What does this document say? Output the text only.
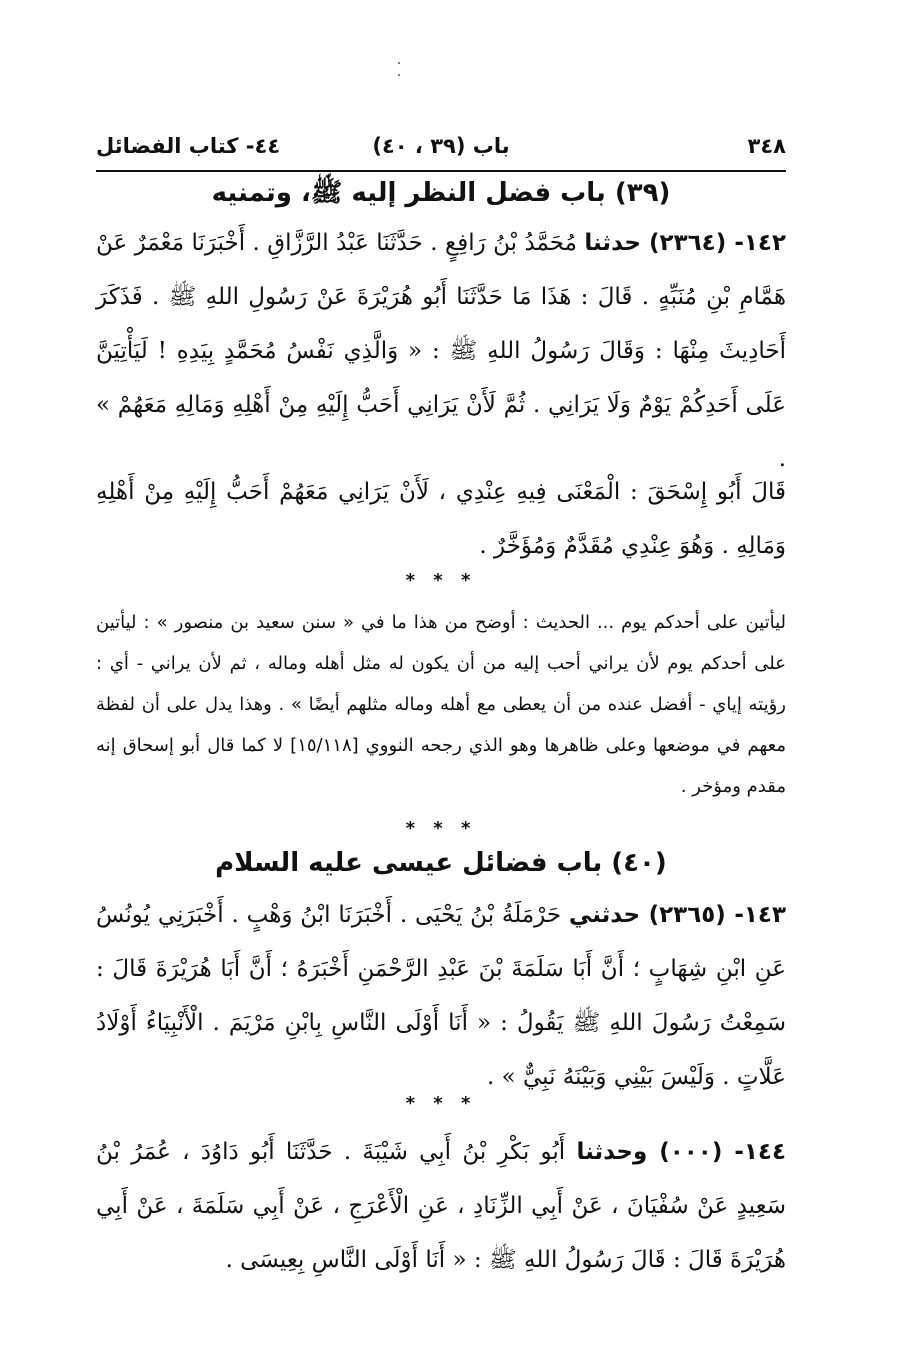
٣٤٨
باب (٣٩ ، ٤٠)
٤٤- كتاب الفضائل
(٣٩) باب فضل النظر إليه ﷺ، وتمنيه
١٤٢- (٢٣٦٤) حدثنا مُحَمَّدُ بْنُ رَافِعٍ . حَدَّثَنَا عَبْدُ الرَّزَّاقِ . أَخْبَرَنَا مَعْمَرٌ عَنْ هَمَّامِ بْنِ مُنَبِّهٍ . قَالَ : هَذَا مَا حَدَّثَنَا أَبُو هُرَيْرَةَ عَنْ رَسُولِ اللهِ ﷺ . فَذَكَرَ أَحَادِيثَ مِنْهَا : وَقَالَ رَسُولُ اللهِ ﷺ : « وَالَّذِي نَفْسُ مُحَمَّدٍ بِيَدِهِ ! لَيَأْتِيَنَّ عَلَى أَحَدِكُمْ يَوْمٌ وَلَا يَرَانِي . ثُمَّ لَأَنْ يَرَانِي أَحَبُّ إِلَيْهِ مِنْ أَهْلِهِ وَمَالِهِ مَعَهُمْ » .
قَالَ أَبُو إِسْحَقَ : الْمَعْنَى فِيهِ عِنْدِي ، لَأَنْ يَرَانِي مَعَهُمْ أَحَبُّ إِلَيْهِ مِنْ أَهْلِهِ وَمَالِهِ . وَهُوَ عِنْدِي مُقَدَّمٌ وَمُؤَخَّرٌ .
* * *
ليأتين على أحدكم يوم ... الحديث : أوضح من هذا ما في « سنن سعيد بن منصور » : ليأتين على أحدكم يوم لأن يراني أحب إليه من أن يكون له مثل أهله وماله ، ثم لأن يراني - أي : رؤيته إياي - أفضل عنده من أن يعطى مع أهله وماله مثلهم أيضًا » . وهذا يدل على أن لفظة معهم في موضعها وعلى ظاهرها وهو الذي رجحه النووي [١٥/١١٨] لا كما قال أبو إسحاق إنه مقدم ومؤخر .
* * *
(٤٠) باب فضائل عيسى عليه السلام
١٤٣- (٢٣٦٥) حدثني حَرْمَلَةُ بْنُ يَحْيَى . أَخْبَرَنَا ابْنُ وَهْبٍ . أَخْبَرَنِي يُونُسُ عَنِ ابْنِ شِهَابٍ ؛ أَنَّ أَبَا سَلَمَةَ بْنَ عَبْدِ الرَّحْمَنِ أَخْبَرَهُ ؛ أَنَّ أَبَا هُرَيْرَةَ قَالَ : سَمِعْتُ رَسُولَ اللهِ ﷺ يَقُولُ : « أَنَا أَوْلَى النَّاسِ بِابْنِ مَرْيَمَ . الْأَنْبِيَاءُ أَوْلَادُ عَلَّاتٍ . وَلَيْسَ بَيْنِي وَبَيْنَهُ نَبِيٌّ » .
* * *
١٤٤- (٠٠٠) وحدثنا أَبُو بَكْرِ بْنُ أَبِي شَيْبَةَ . حَدَّثَنَا أَبُو دَاوُدَ ، عُمَرُ بْنُ سَعِيدٍ عَنْ سُفْيَانَ ، عَنْ أَبِي الزِّنَادِ ، عَنِ الْأَعْرَجِ ، عَنْ أَبِي سَلَمَةَ ، عَنْ أَبِي هُرَيْرَةَ قَالَ : قَالَ رَسُولُ اللهِ ﷺ : « أَنَا أَوْلَى النَّاسِ بِعِيسَى .
